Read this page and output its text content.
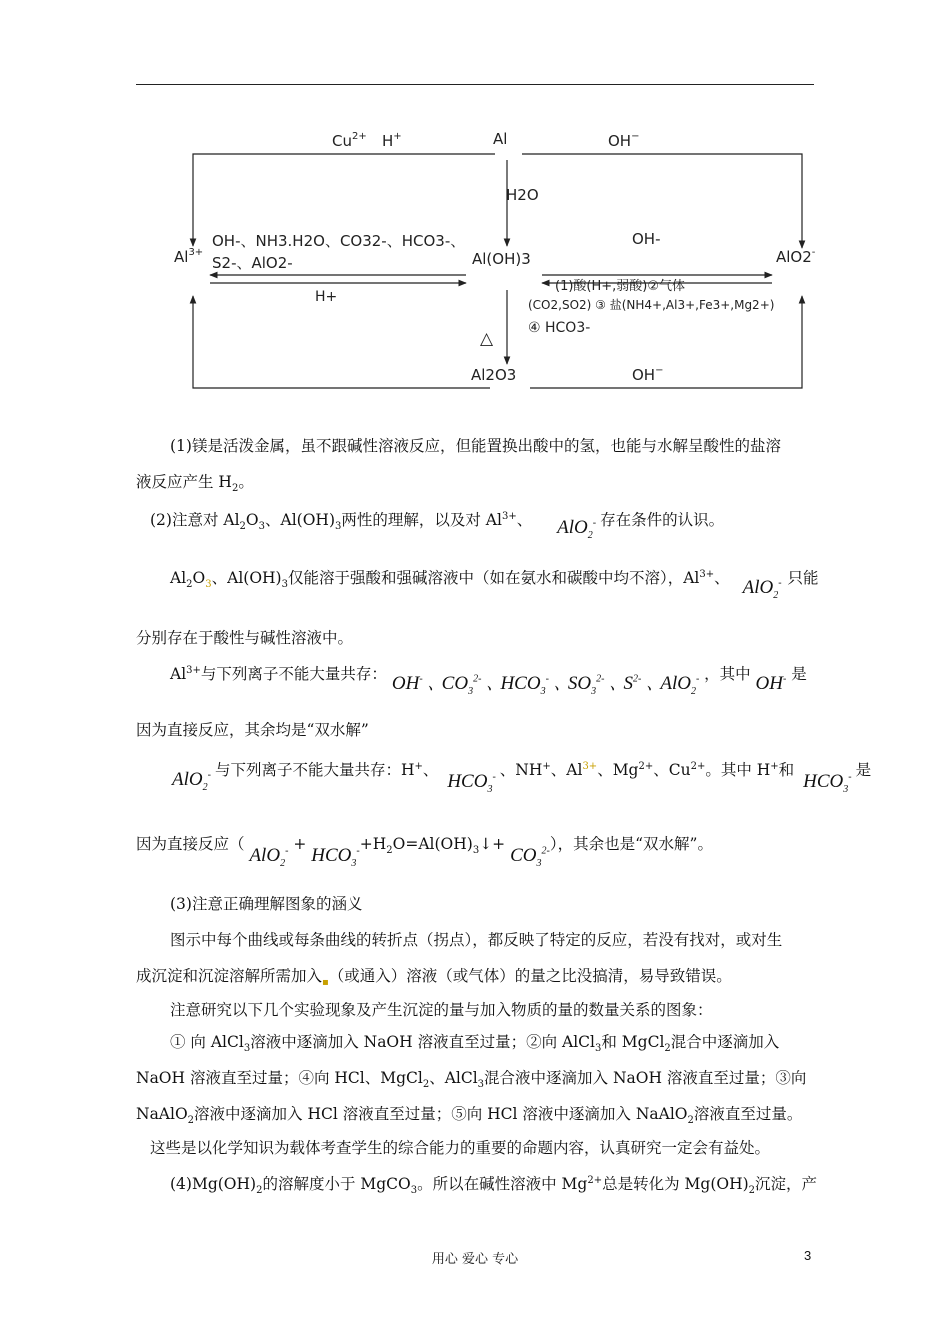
Al
$Cu^{2+}$ H+	OH−
H2O
$Al^{3+}$	Al(OH)3	AlO2-
OH-、NH3.H2O、CO32-、HCO3-、
S2-、AlO2-
H+
OH-
(1)酸(H+,弱酸)②气体
(CO2,SO2) ③ 盐(NH4+,Al3+,Fe3+,Mg2+)
④ HCO3-
△
Al2O3	OH−
(1)镁是活泼金属，虽不跟碱性溶液反应，但能置换出酸中的氢，也能与水解呈酸性的盐溶
液反应产生 $H_2$。
(2)注意对 $Al_2O_3$、$Al(OH)_3$两性的理解，以及对 $Al^{3+}$、 AlO$_2$- 存在条件的认识。
$Al_2O_3$、$Al(OH)_3$仅能溶于强酸和强碱溶液中（如在氨水和碳酸中均不溶），$Al^{3+}$、 AlO$_2$- 只能
分别存在于酸性与碱性溶液中。
$Al^{3+}$与下列离子不能大量共存： OH- ､ $CO_3^{2-}$ ､ $HCO_3^-$ ､ $SO_3^{2-}$ ､ $S^{2-}$ ､ AlO$_2$- ，其中 OH- 是
因为直接反应，其余均是“双水解”
AlO$_2$- 与下列离子不能大量共存：H+、 $HCO_3^-$ 、NH+、$Al^{3+}$、$Mg^{2+}$、$Cu^{2+}$。其中 H+和 $HCO_3^-$ 是
因为直接反应（ $AlO_2^- + HCO_3^-+H_2O=Al(OH)_3↓+ CO_3^{2-}$），其余也是“双水解”。
(3)注意正确理解图象的涵义
图示中每个曲线或每条曲线的转折点（拐点），都反映了特定的反应，若没有找对，或对生
成沉淀和沉淀溶解所需加入$_▪$（或通入）溶液（或气体）的量之比没搞清，易导致错误。
注意研究以下几个实验现象及产生沉淀的量与加入物质的量的数量关系的图象：
① 向 AlCl$_3$溶液中逐滴加入 NaOH 溶液直至过量；②向 AlCl$_3$和 MgCl$_2$混合中逐滴加入
NaOH 溶液直至过量；④向 HCl、MgCl$_2$、AlCl$_3$混合液中逐滴加入 NaOH 溶液直至过量；③向
NaAlO$_2$溶液中逐滴加入 HCl 溶液直至过量；⑤向 HCl 溶液中逐滴加入 NaAlO$_2$溶液直至过量。
这些是以化学知识为载体考查学生的综合能力的重要的命题内容，认真研究一定会有益处。
$(4)Mg(OH)_2$的溶解度小于 MgCO$_3$。所以在碱性溶液中 $Mg^{2+}$总是转化为 $Mg(OH)_2$沉淀，产
用心 爱心 专心	3
